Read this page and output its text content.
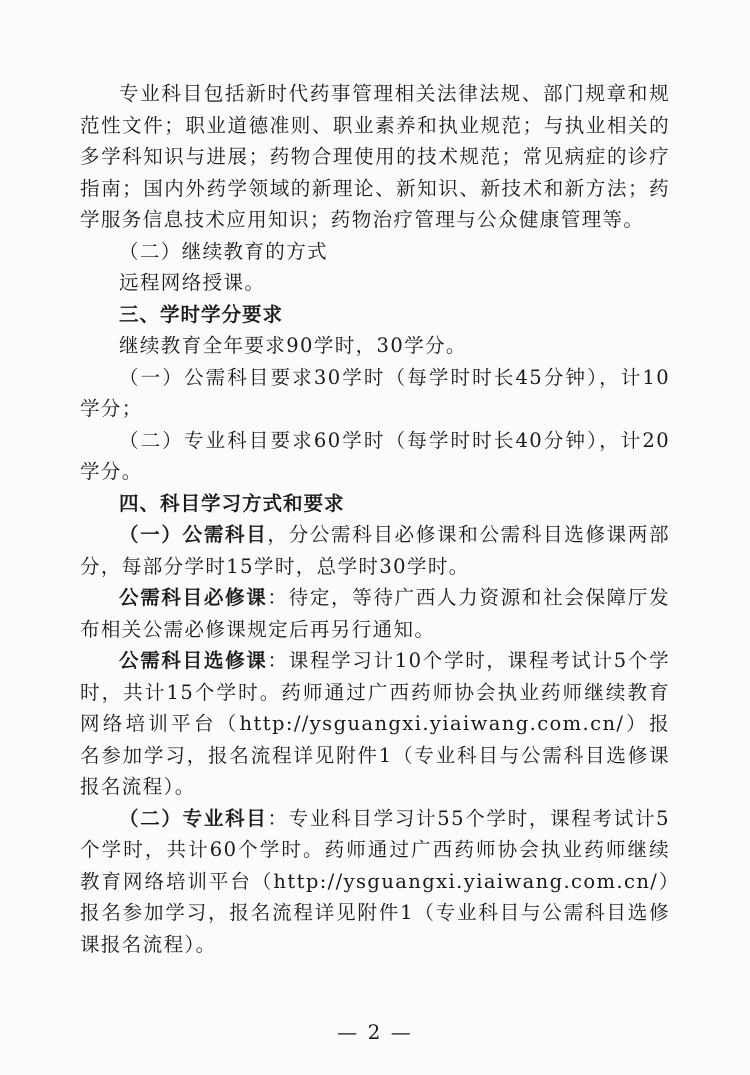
专业科目包括新时代药事管理相关法律法规、部门规章和规范性文件；职业道德准则、职业素养和执业规范；与执业相关的多学科知识与进展；药物合理使用的技术规范；常见病症的诊疗指南；国内外药学领域的新理论、新知识、新技术和新方法；药学服务信息技术应用知识；药物治疗管理与公众健康管理等。

（二）继续教育的方式

远程网络授课。

三、学时学分要求

继续教育全年要求90学时，30学分。

（一）公需科目要求30学时（每学时时长45分钟），计10学分；

（二）专业科目要求60学时（每学时时长40分钟），计20学分。

四、科目学习方式和要求

（一）公需科目，分公需科目必修课和公需科目选修课两部分，每部分学时15学时，总学时30学时。

公需科目必修课：待定，等待广西人力资源和社会保障厅发布相关公需必修课规定后再另行通知。

公需科目选修课：课程学习计10个学时，课程考试计5个学时，共计15个学时。药师通过广西药师协会执业药师继续教育网络培训平台（http://ysguangxi.yiaiwang.com.cn/）报名参加学习，报名流程详见附件1（专业科目与公需科目选修课报名流程）。

（二）专业科目：专业科目学习计55个学时，课程考试计5个学时，共计60个学时。药师通过广西药师协会执业药师继续教育网络培训平台（http://ysguangxi.yiaiwang.com.cn/）报名参加学习，报名流程详见附件1（专业科目与公需科目选修课报名流程）。

— 2 —
